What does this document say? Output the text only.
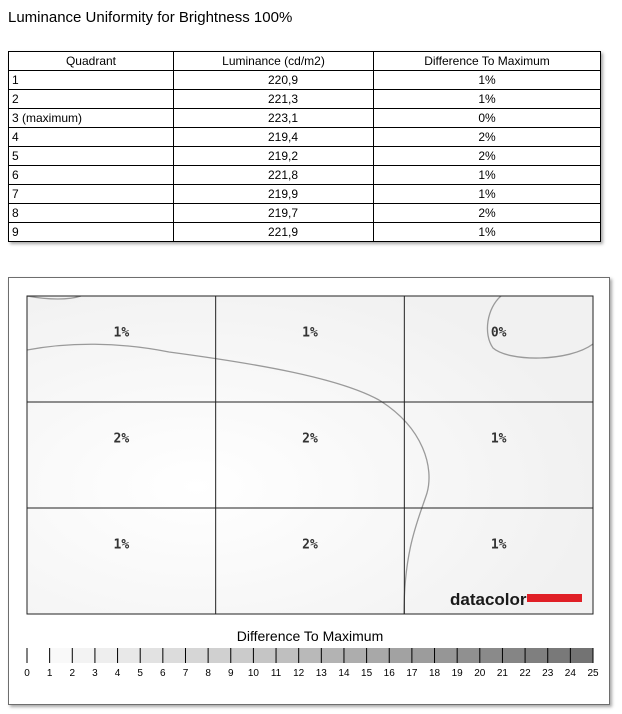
Luminance Uniformity for Brightness 100%
Quadrant	Luminance (cd/m2)	Difference To Maximum
1	220,9	1%
2	221,3	1%
3 (maximum)	223,1	0%
4	219,4	2%
5	219,2	2%
6	221,8	1%
7	219,9	1%
8	219,7	2%
9	221,9	1%
1%	1%	0%
2%	2%	1%
1%	2%	1%
datacolor
Difference To Maximum
0 1 2 3 4 5 6 7 8 9 10 11 12 13 14 15 16 17 18 19 20 21 22 23 24 25
